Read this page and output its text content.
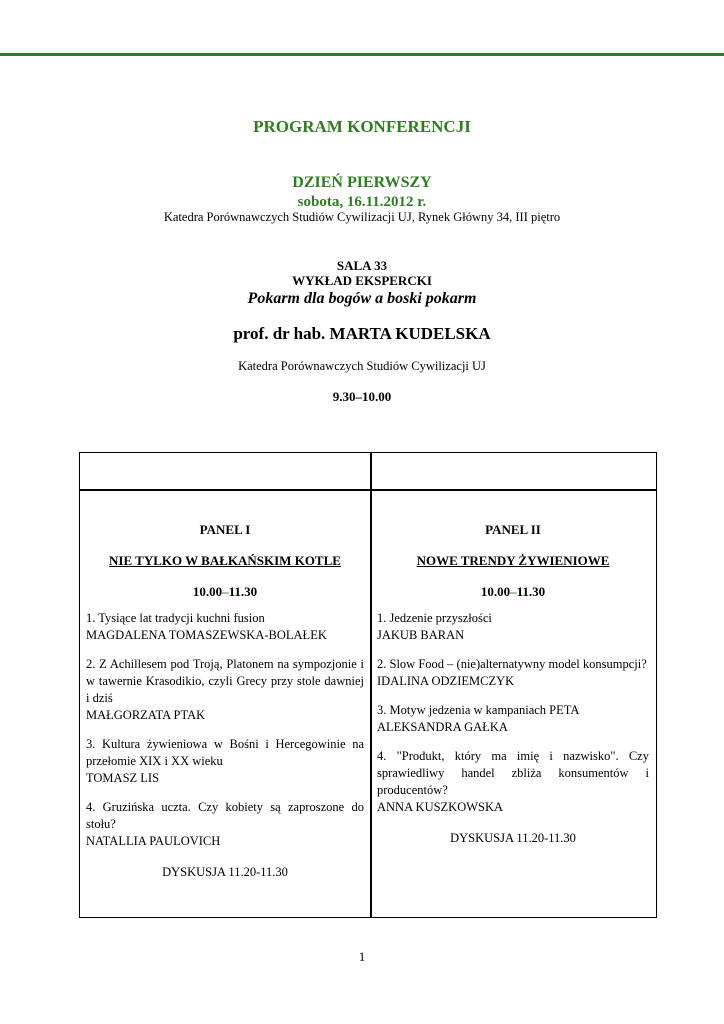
PROGRAM KONFERENCJI
DZIEŃ PIERWSZY
sobota, 16.11.2012 r.
Katedra Porównawczych Studiów Cywilizacji UJ, Rynek Główny 34, III piętro
SALA 33
WYKŁAD EKSPERCKI
Pokarm dla bogów a boski pokarm
prof. dr hab. MARTA KUDELSKA
Katedra Porównawczych Studiów Cywilizacji UJ
9.30–10.00
PANEL I
NIE TYLKO W BAŁKAŃSKIM KOTLE
10.00–11.30
1. Tysiące lat tradycji kuchni fusion
MAGDALENA TOMASZEWSKA-BOLAŁEK
2. Z Achillesem pod Troją, Platonem na sympozjonie i w tawernie Krasodikio, czyli Grecy przy stole dawniej i dziś
MAŁGORZATA PTAK
3. Kultura żywieniowa w Bośni i Hercegowinie na przełomie XIX i XX wieku
TOMASZ LIS
4. Gruzińska uczta. Czy kobiety są zaproszone do stołu?
NATALLIA PAULOVICH
DYSKUSJA 11.20-11.30
PANEL II
NOWE TRENDY ŻYWIENIOWE
10.00–11.30
1. Jedzenie przyszłości
JAKUB BARAN
2. Slow Food – (nie)alternatywny model konsumpcji?
IDALINA ODZIEMCZYK
3. Motyw jedzenia w kampaniach PETA
ALEKSANDRA GAŁKA
4. "Produkt, który ma imię i nazwisko". Czy sprawiedliwy handel zbliża konsumentów i producentów?
ANNA KUSZKOWSKA
DYSKUSJA 11.20-11.30
1
